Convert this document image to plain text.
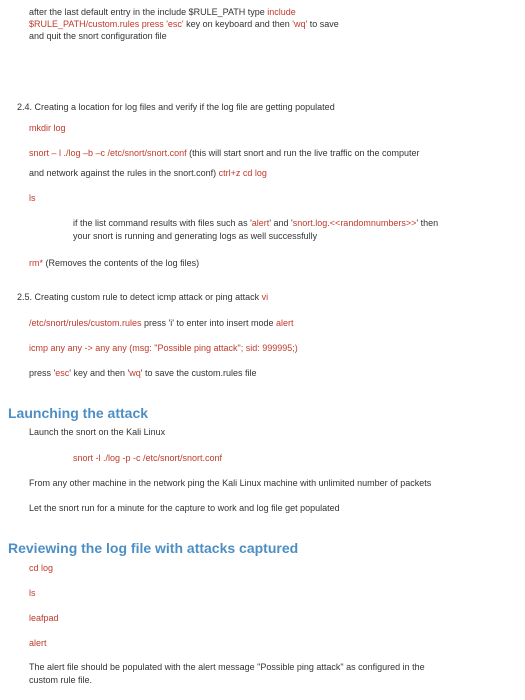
after the last default entry in the include $RULE_PATH type include
$RULE_PATH/custom.rules press 'esc' key on keyboard and then 'wq' to save
and quit the snort configuration file
2.4. Creating a location for log files and verify if the log file are getting populated
mkdir log
snort – l ./log –b –c /etc/snort/snort.conf (this will start snort and run the live traffic on the computer
and network against the rules in the snort.conf) ctrl+z cd log
ls
if the list command results with files such as 'alert' and 'snort.log.<<randomnumbers>>' then
your snort is running and generating logs as well successfully
rm* (Removes the contents of the log files)
2.5. Creating custom rule to detect icmp attack or ping attack vi
/etc/snort/rules/custom.rules press 'i' to enter into insert mode alert
icmp any any -> any any (msg: "Possible ping attack"; sid: 999995;)
press 'esc' key and then 'wq' to save the custom.rules file
Launching the attack
Launch the snort on the Kali Linux
snort -l ./log -p -c /etc/snort/snort.conf
From any other machine in the network ping the Kali Linux machine with unlimited number of packets
Let the snort run for a minute for the capture to work and log file get populated
Reviewing the log file with attacks captured
cd log
ls
leafpad
alert
The alert file should be populated with the alert message "Possible ping attack" as configured in the
custom rule file.
